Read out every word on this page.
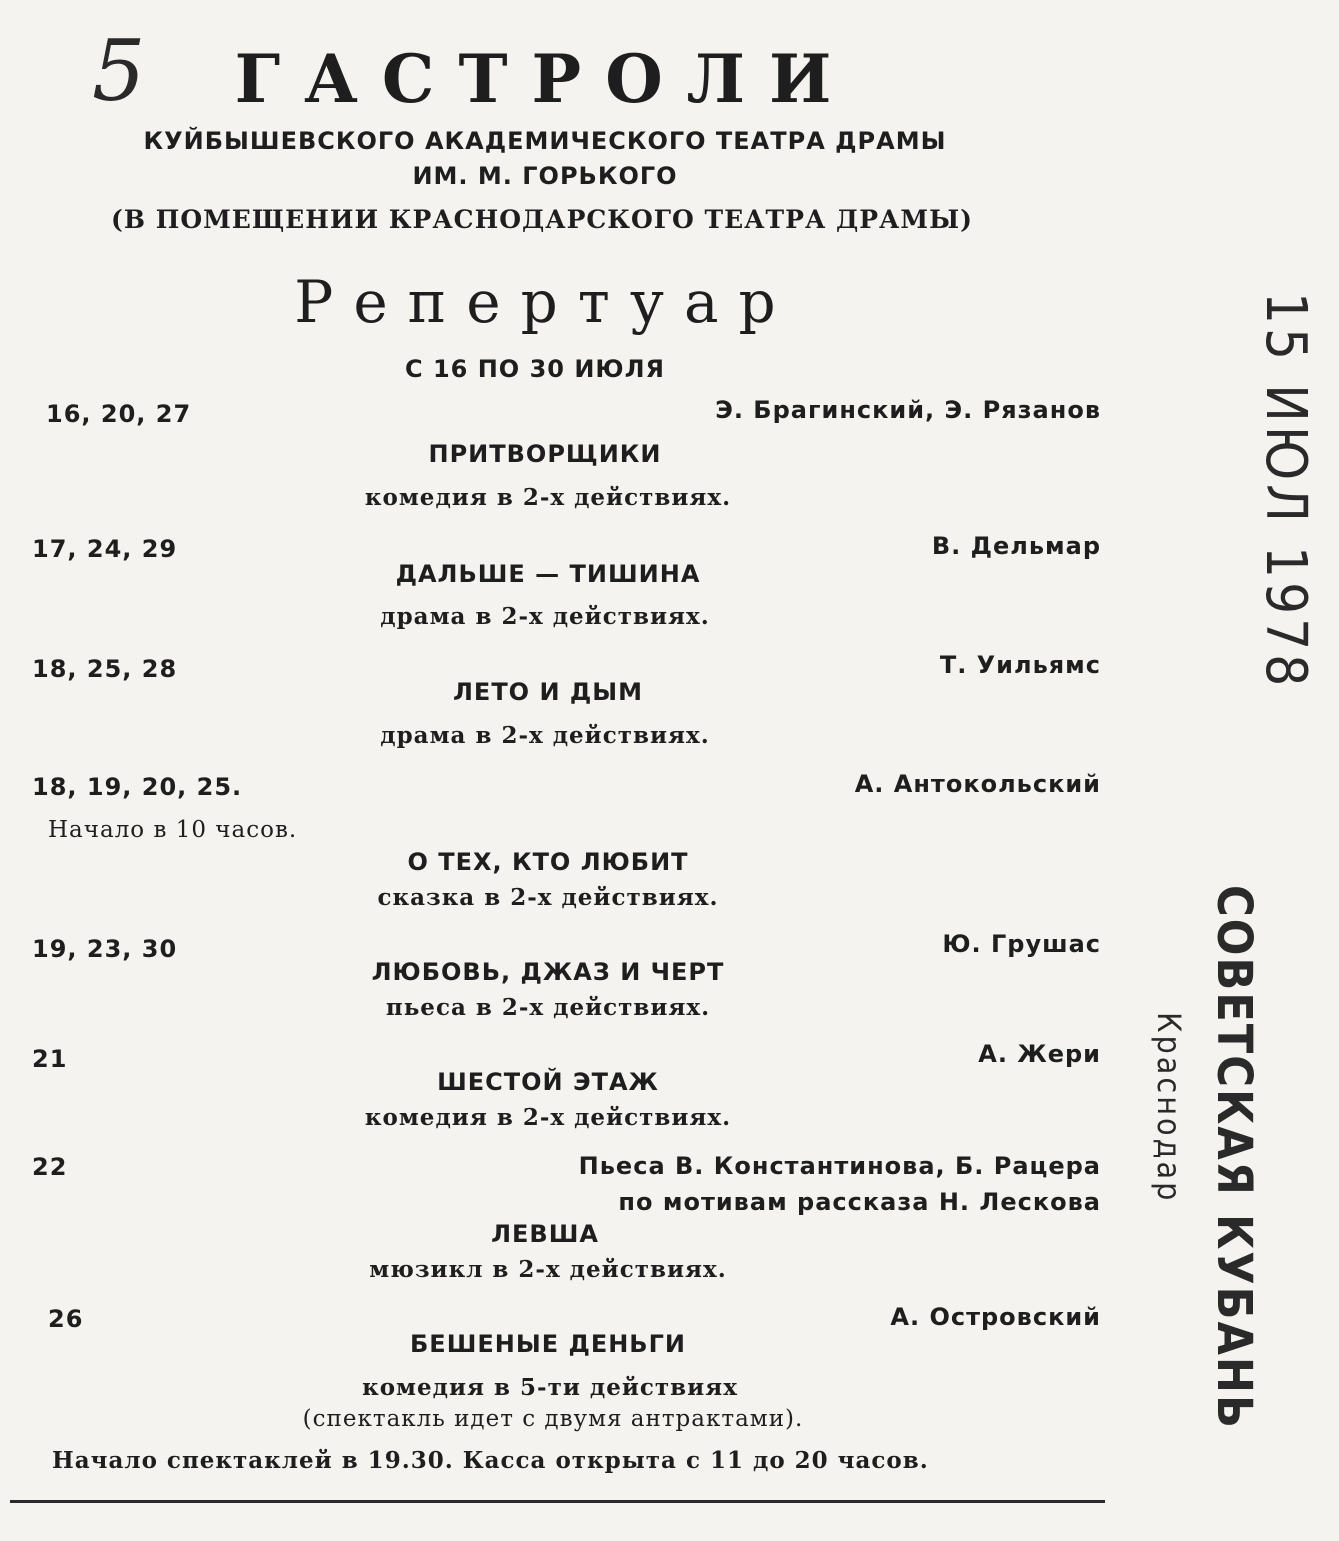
5 ГАСТРОЛИ
КУЙБЫШЕВСКОГО АКАДЕМИЧЕСКОГО ТЕАТРА ДРАМЫ
ИМ. М. ГОРЬКОГО
(В ПОМЕЩЕНИИ КРАСНОДАРСКОГО ТЕАТРА ДРАМЫ)
Репертуар
С 16 ПО 30 ИЮЛЯ
16, 20, 27	Э. Брагинский, Э. Рязанов
ПРИТВОРЩИКИ
комедия в 2-х действиях.
17, 24, 29	В. Дельмар
ДАЛЬШЕ — ТИШИНА
драма в 2-х действиях.
18, 25, 28	Т. Уильямс
ЛЕТО И ДЫМ
драма в 2-х действиях.
18, 19, 20, 25.	А. Антокольский
Начало в 10 часов.
О ТЕХ, КТО ЛЮБИТ
сказка в 2-х действиях.
19, 23, 30	Ю. Грушас
ЛЮБОВЬ, ДЖАЗ И ЧЕРТ
пьеса в 2-х действиях.
21	А. Жери
ШЕСТОЙ ЭТАЖ
комедия в 2-х действиях.
22	Пьеса В. Константинова, Б. Рацера
по мотивам рассказа Н. Лескова
ЛЕВША
мюзикл в 2-х действиях.
26	А. Островский
БЕШЕНЫЕ ДЕНЬГИ
комедия в 5-ти действиях
(спектакль идет с двумя антрактами).
Начало спектаклей в 19.30. Касса открыта с 11 до 20 часов.
15 ИЮЛ 1978
СОВЕТСКАЯ КУБАНЬ
Краснодар
